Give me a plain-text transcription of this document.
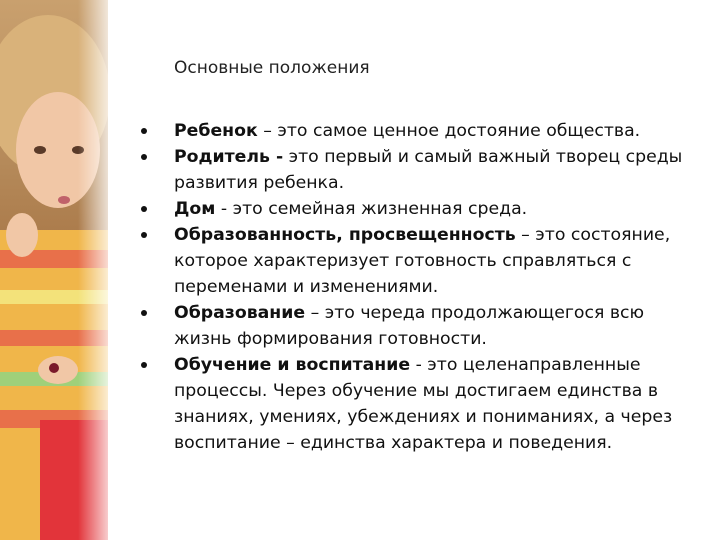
Основные положения
Ребенок – это самое ценное достояние общества.
Родитель - это первый и самый важный творец среды развития ребенка.
Дом - это семейная жизненная среда.
Образованность, просвещенность – это состояние, которое характеризует готовность справляться с переменами и изменениями.
Образование – это череда продолжающегося всю жизнь формирования готовности.
Обучение и воспитание - это целенаправленные процессы. Через обучение мы достигаем единства в знаниях, умениях, убеждениях и пониманиях, а через воспитание – единства характера и поведения.
